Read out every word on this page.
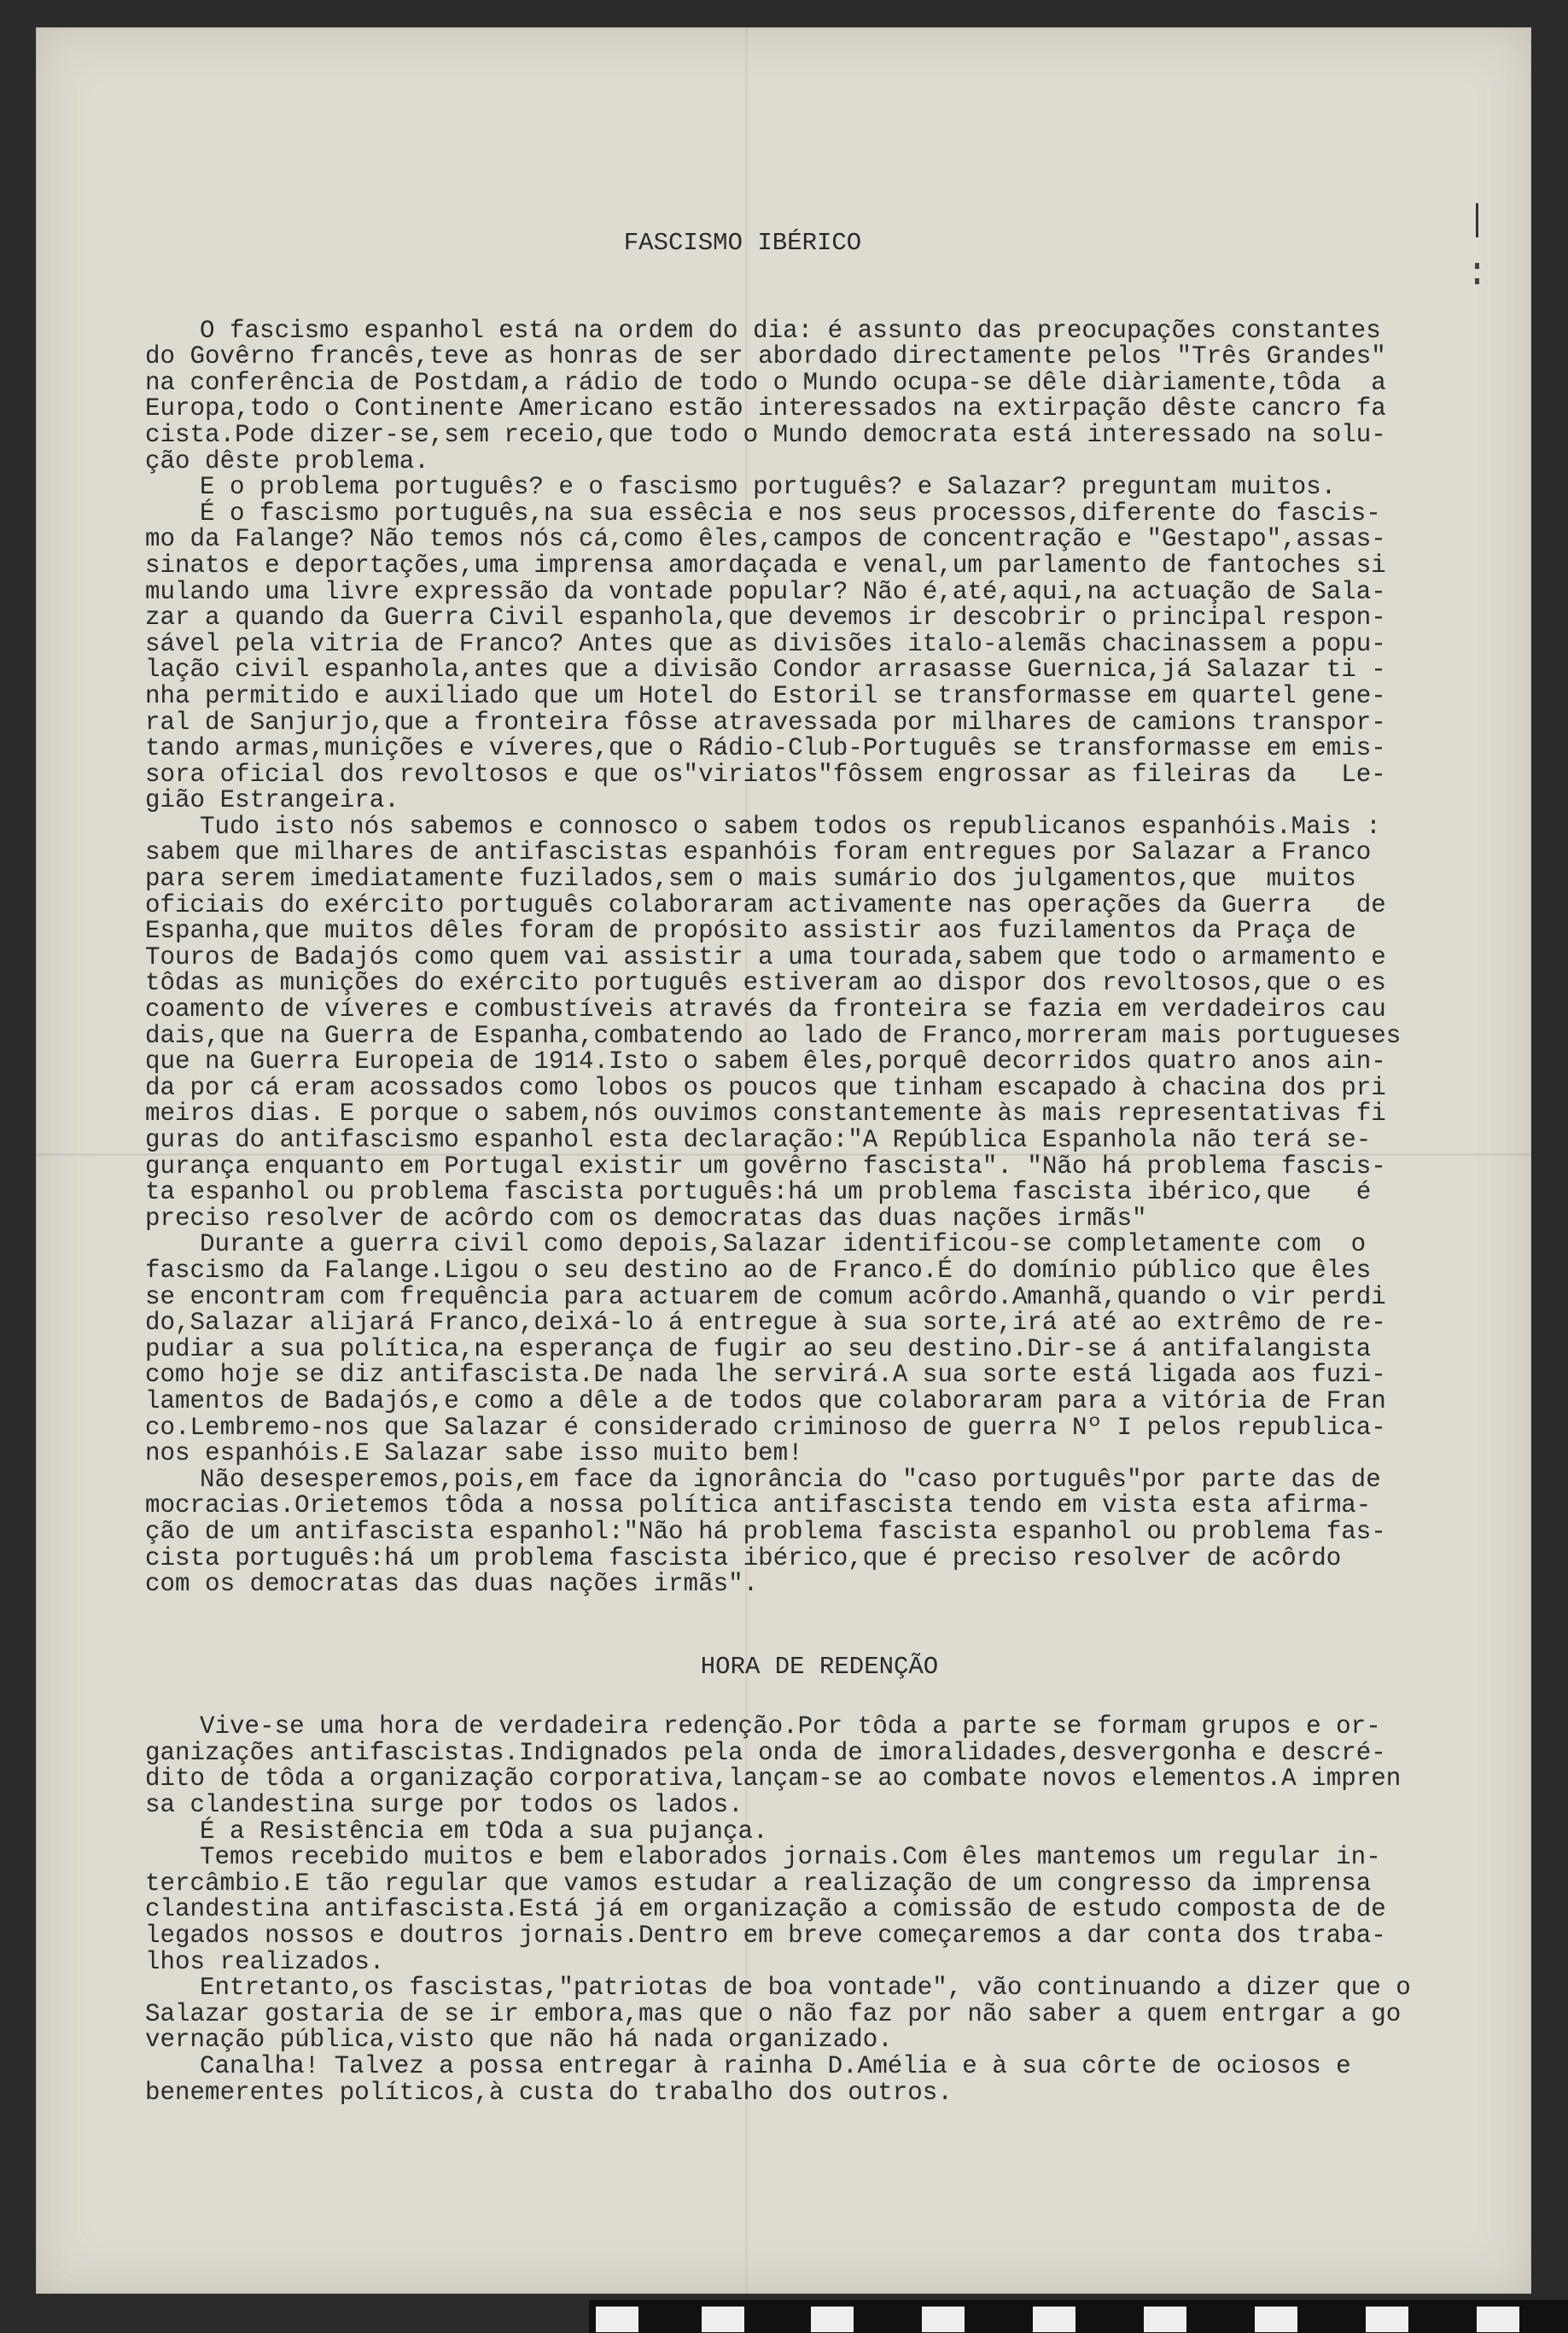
FASCISMO IBÉRICO
O fascismo espanhol está na ordem do dia: é assunto das preocupações constantes
do Govêrno francês,teve as honras de ser abordado directamente pelos "Três Grandes"
na conferência de Postdam,a rádio de todo o Mundo ocupa-se dêle diàriamente,tôda  a
Europa,todo o Continente Americano estão interessados na extirpação dêste cancro fa
cista.Pode dizer-se,sem receio,que todo o Mundo democrata está interessado na solu-
ção dêste problema.
E o problema português? e o fascismo português? e Salazar? preguntam muitos.
É o fascismo português,na sua essêcia e nos seus processos,diferente do fascis-
mo da Falange? Não temos nós cá,como êles,campos de concentração e "Gestapo",assas-
sinatos e deportações,uma imprensa amordaçada e venal,um parlamento de fantoches si
mulando uma livre expressão da vontade popular? Não é,até,aqui,na actuação de Sala-
zar a quando da Guerra Civil espanhola,que devemos ir descobrir o principal respon-
sável pela vitria de Franco? Antes que as divisões italo-alemãs chacinassem a popu-
lação civil espanhola,antes que a divisão Condor arrasasse Guernica,já Salazar ti -
nha permitido e auxiliado que um Hotel do Estoril se transformasse em quartel gene-
ral de Sanjurjo,que a fronteira fôsse atravessada por milhares de camions transpor-
tando armas,munições e víveres,que o Rádio-Club-Português se transformasse em emis-
sora oficial dos revoltosos e que os"viriatos"fôssem engrossar as fileiras da   Le-
gião Estrangeira.
Tudo isto nós sabemos e connosco o sabem todos os republicanos espanhóis.Mais :
sabem que milhares de antifascistas espanhóis foram entregues por Salazar a Franco
para serem imediatamente fuzilados,sem o mais sumário dos julgamentos,que  muitos
oficiais do exército português colaboraram activamente nas operações da Guerra   de
Espanha,que muitos dêles foram de propósito assistir aos fuzilamentos da Praça de
Touros de Badajós como quem vai assistir a uma tourada,sabem que todo o armamento e
tôdas as munições do exército português estiveram ao dispor dos revoltosos,que o es
coamento de víveres e combustíveis através da fronteira se fazia em verdadeiros cau
dais,que na Guerra de Espanha,combatendo ao lado de Franco,morreram mais portugueses
que na Guerra Europeia de 1914.Isto o sabem êles,porquê decorridos quatro anos ain-
da por cá eram acossados como lobos os poucos que tinham escapado à chacina dos pri
meiros dias. E porque o sabem,nós ouvimos constantemente às mais representativas fi
guras do antifascismo espanhol esta declaração:"A República Espanhola não terá se-
gurança enquanto em Portugal existir um govêrno fascista". "Não há problema fascis-
ta espanhol ou problema fascista português:há um problema fascista ibérico,que   é
preciso resolver de acôrdo com os democratas das duas nações irmãs"
Durante a guerra civil como depois,Salazar identificou-se completamente com  o
fascismo da Falange.Ligou o seu destino ao de Franco.É do domínio público que êles
se encontram com frequência para actuarem de comum acôrdo.Amanhã,quando o vir perdi
do,Salazar alijará Franco,deixá-lo á entregue à sua sorte,irá até ao extrêmo de re-
pudiar a sua política,na esperança de fugir ao seu destino.Dir-se á antifalangista
como hoje se diz antifascista.De nada lhe servirá.A sua sorte está ligada aos fuzi-
lamentos de Badajós,e como a dêle a de todos que colaboraram para a vitória de Fran
co.Lembremo-nos que Salazar é considerado criminoso de guerra Nº I pelos republica-
nos espanhóis.E Salazar sabe isso muito bem!
Não desesperemos,pois,em face da ignorância do "caso português"por parte das de
mocracias.Orietemos tôda a nossa política antifascista tendo em vista esta afirma-
ção de um antifascista espanhol:"Não há problema fascista espanhol ou problema fas-
cista português:há um problema fascista ibérico,que é preciso resolver de acôrdo
com os democratas das duas nações irmãs".
HORA DE REDENÇÃO
Vive-se uma hora de verdadeira redenção.Por tôda a parte se formam grupos e or-
ganizações antifascistas.Indignados pela onda de imoralidades,desvergonha e descré-
dito de tôda a organização corporativa,lançam-se ao combate novos elementos.A impren
sa clandestina surge por todos os lados.
É a Resistência em tOda a sua pujança.
Temos recebido muitos e bem elaborados jornais.Com êles mantemos um regular in-
tercâmbio.E tão regular que vamos estudar a realização de um congresso da imprensa
clandestina antifascista.Está já em organização a comissão de estudo composta de de
legados nossos e doutros jornais.Dentro em breve começaremos a dar conta dos traba-
lhos realizados.
Entretanto,os fascistas,"patriotas de boa vontade", vão continuando a dizer que o
Salazar gostaria de se ir embora,mas que o não faz por não saber a quem entrgar a go
vernação pública,visto que não há nada organizado.
Canalha! Talvez a possa entregar à rainha D.Amélia e à sua côrte de ociosos e
benemerentes políticos,à custa do trabalho dos outros.
